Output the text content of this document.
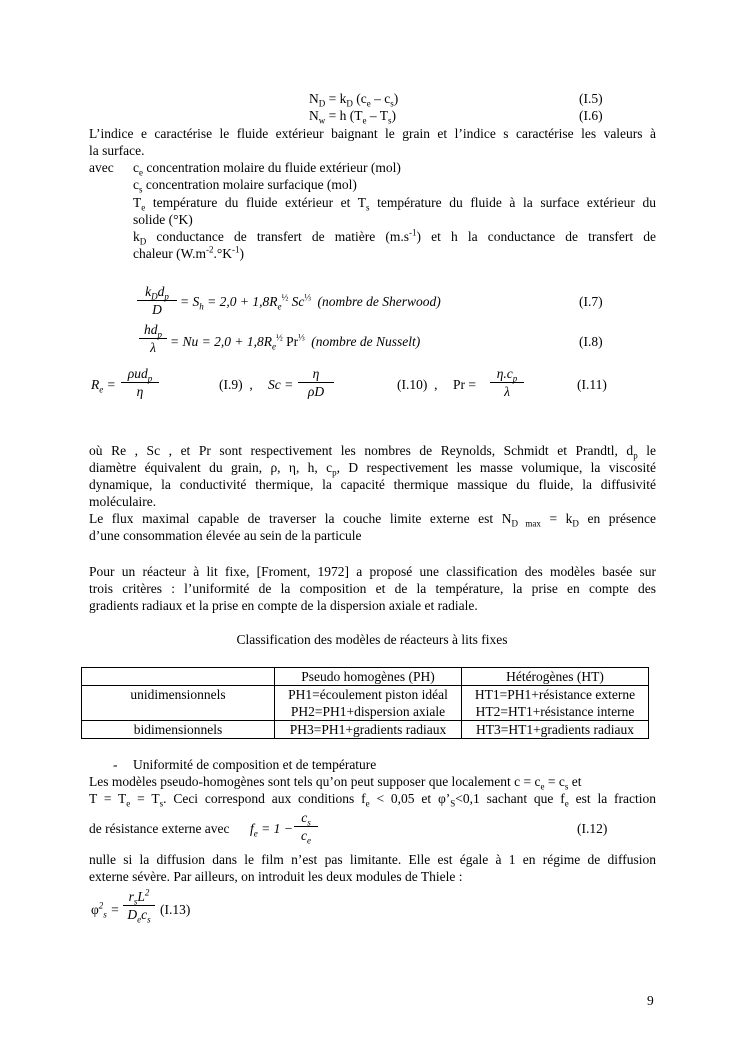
$N_D = k_D$ $(c_e - c_s)$	(I.5)
$N_w = h$ $(T_e - T_s)$	(I.6)
L’indice e caractérise le fluide extérieur baignant le grain et l’indice s caractérise les valeurs à
la surface.
avec $c_e$ concentration molaire du fluide extérieur (mol)
$c_s$ concentration molaire surfacique (mol)
$T_e$ température du fluide extérieur et $T_s$ température du fluide à la surface extérieur du
solide (°K)
$k_D$ conductance de transfert de matière $(m.s^{-1})$ et h la conductance de transfert de
chaleur $(W.m^{-2}.^\circ K^{-1})$
$k_Dd_p$
D
= $S_h = 2,0 + 1,8R_e^{\frac{1}{2}}$ $Sc^{\frac{1}{3}}$ (nombre de Sherwood)	(I.7)
$hd_p$
λ	= $Nu = 2,0 + 1,8R_e^{\frac{1}{2}}$ $Pr^{\frac{1}{3}}$ (nombre de Nusselt)	(I.8)
$R_e$ =
ρud$_p$
η	(I.9) , $Sc = \frac{\eta}{\rho D}$	(I.10) , $Pr = \frac{\eta.c_p}{\lambda}$	(I.11)
où Re , Sc , et Pr sont respectivement les nombres de Reynolds, Schmidt et Prandtl, $d_p$ le
diamètre équivalent du grain, ρ, η, h, $c_p$, D respectivement les masse volumique, la viscosité
dynamique, la conductivité thermique, la capacité thermique massique du fluide, la diffusivité
moléculaire.
Le flux maximal capable de traverser la couche limite externe est $N_{D max} = k_D$ en présence
d’une consommation élevée au sein de la particule
Pour un réacteur à lit fixe, [Froment, 1972] a proposé une classification des modèles basée sur
trois critères : l’uniformité de la composition et de la température, la prise en compte des
gradients radiaux et la prise en compte de la dispersion axiale et radiale.
Classification des modèles de réacteurs à lits fixes
	Pseudo homogènes (PH)	Hétérogènes (HT)
unidimensionnels	PH1=écoulement piston idéal	HT1=PH1+résistance externe
	PH2=PH1+dispersion axiale	HT2=HT1+résistance interne
bidimensionnels	PH3=PH1+gradients radiaux	HT3=HT1+gradients radiaux
- Uniformité de composition et de température
Les modèles pseudo-homogènes sont tels qu’on peut supposer que localement $c = c_e = c_s$ et
$T = T_e = T_s$. Ceci correspond aux conditions $f_e < 0,05$ et $\varphi’_S<0,1$ sachant que $f_e$ est la fraction
de résistance externe avec $f_e = 1 - \frac{c_s}{c_e}$	(I.12)
nulle si la diffusion dans le film n’est pas limitante. Elle est égale à 1 en régime de diffusion
externe sévère. Par ailleurs, on introduit les deux modules de Thiele :
$\varphi^2_s$ =
$r_sL^2$
$D_ec_s$
(I.13)
9
